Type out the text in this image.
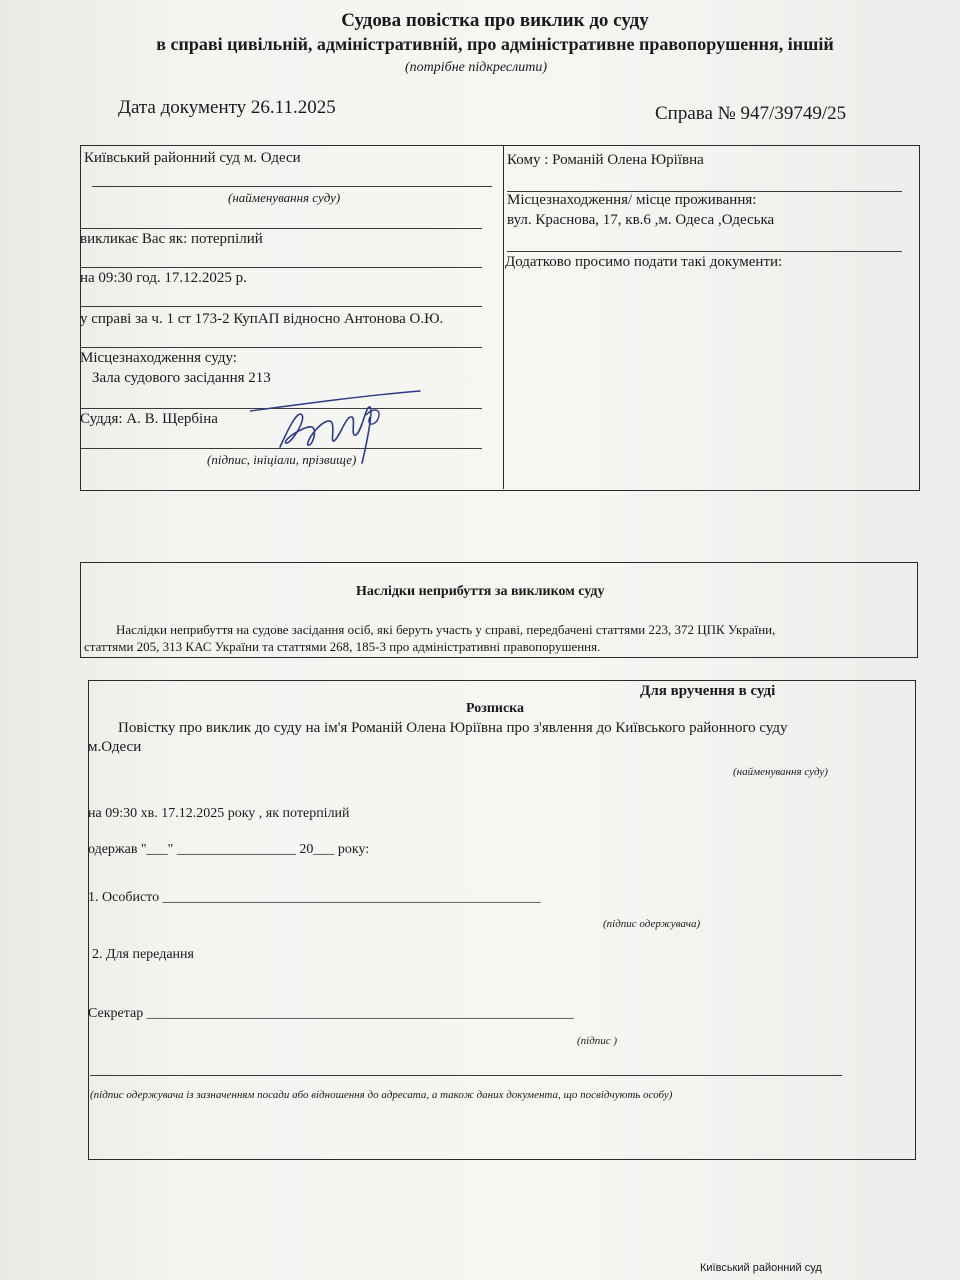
Судова повістка про виклик до суду
в справі цивільній, адміністративній, про адміністративне правопорушення, іншій
(потрібне підкреслити)
Дата документу 26.11.2025	Справа № 947/39749/25
Київський районний суд м. Одеси
(найменування суду)
викликає Вас як: потерпілий
на 09:30 год. 17.12.2025 р.
у справі за ч. 1 ст 173-2 КупАП відносно Антонова О.Ю.
Місцезнаходження суду:
Зала судового засідання 213
Суддя: А. В. Щербіна
(підпис, ініціали, прізвище)
Кому : Романій Олена Юріївна
Місцезнаходження/ місце проживання:
вул. Краснова, 17, кв.6 ,м. Одеса ,Одеська
Додатково просимо подати такі документи:
Наслідки неприбуття за викликом суду
Наслідки неприбуття на судове засідання осіб, які беруть участь у справі, передбачені статтями 223, 372 ЦПК України,
статтями 205, 313 КАС України та статтями 268, 185-3 про адміністративні правопорушення.
Для вручення в суді
Розписка
Повістку про виклик до суду на ім'я Романій Олена Юріївна про з'явлення до Київського районного суду
м.Одеси
(найменування суду)
на 09:30 хв. 17.12.2025 року , як потерпілий
одержав "___" _________________ 20___ року:
1. Особисто ______________________________________________________
(підпис одержувача)
2. Для передання
Секретар _____________________________________________________________
(підпис )
(підпис одержувача із зазначенням посади або відношення до адресата, а також даних документа, що посвідчують особу)
Київський районний суд
